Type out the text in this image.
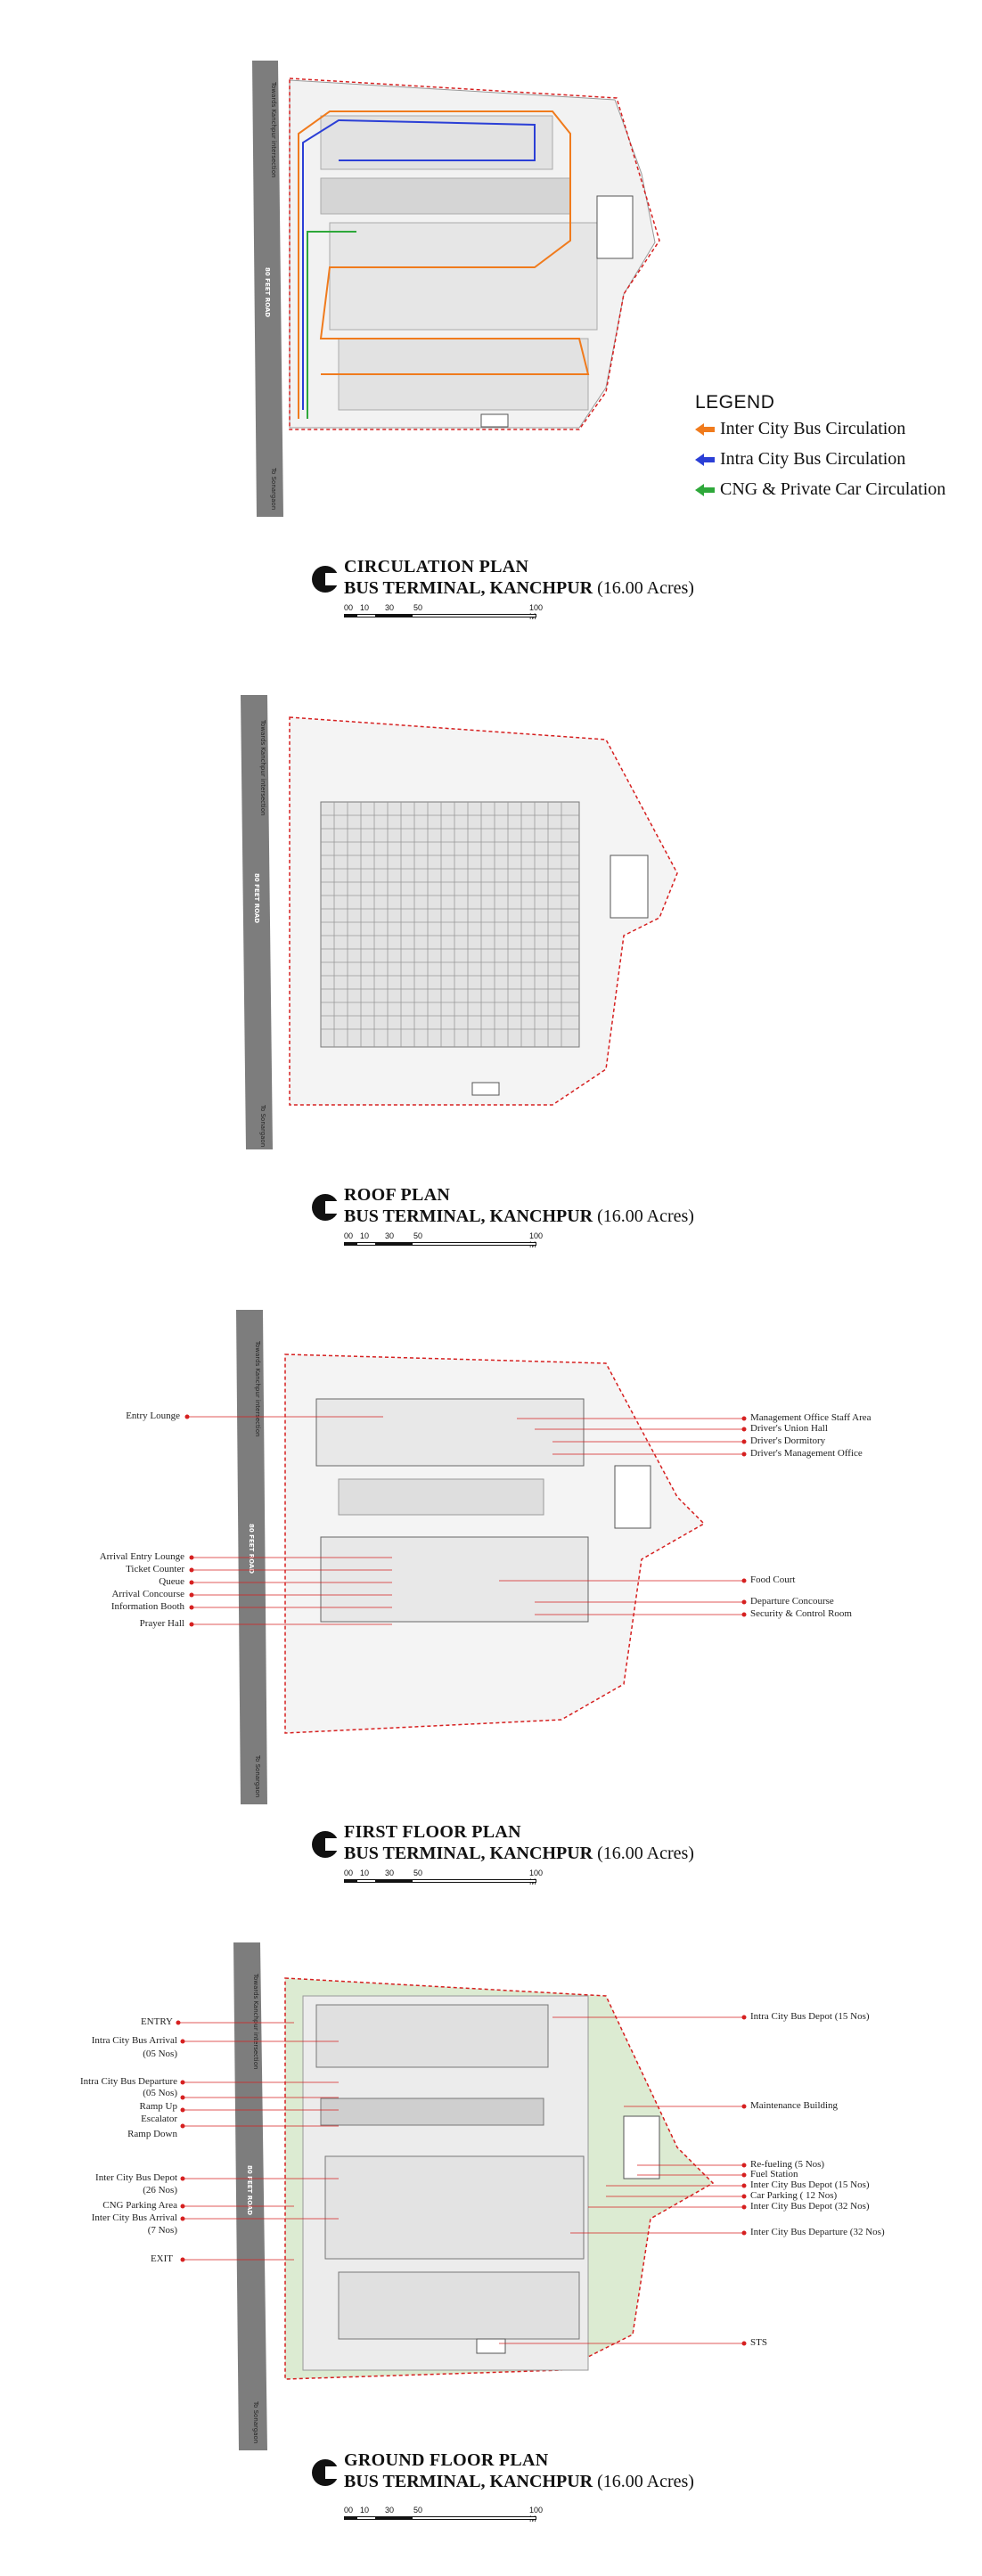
80 FEET ROAD
Towards Kanchpur intersection
To Sonargaon
LEGEND
Inter City Bus Circulation
Intra City Bus Circulation
CNG & Private Car Circulation
CIRCULATION PLAN
BUS TERMINAL, KANCHPUR (16.00 Acres)
00 10 30 50	100
80 FEET ROAD
Towards Kanchpur intersection
To Sonargaon
ROOF PLAN
BUS TERMINAL, KANCHPUR (16.00 Acres)
00 10 30 50	100
80 FEET ROAD
Towards Kanchpur intersection
To Sonargaon
Entry Lounge
Arrival Entry Lounge
Ticket Counter
Queue
Arrival Concourse
Information Booth
Prayer Hall
Management Office Staff Area
Driver's Union Hall
Driver's Dormitory
Driver's Management Office
Food Court
Departure Concourse
Security & Control Room
FIRST FLOOR PLAN
BUS TERMINAL, KANCHPUR (16.00 Acres)
00 10 30 50	100
80 FEET ROAD
Towards Kanchpur intersection
To Sonargaon
ENTRY
Intra City Bus Arrival
(05 Nos)
Intra City Bus Departure
(05 Nos)
Ramp Up
Escalator
Ramp Down
Inter City Bus Depot
(26 Nos)
CNG Parking Area
Inter City Bus Arrival
(7 Nos)
EXIT
Intra City Bus Depot (15 Nos)
Maintenance Building
Re-fueling (5 Nos)
Fuel Station
Inter City Bus Depot (15 Nos)
Car Parking ( 12 Nos)
Inter City Bus Depot (32 Nos)
Inter City Bus Departure (32 Nos)
STS
GROUND FLOOR PLAN
BUS TERMINAL, KANCHPUR (16.00 Acres)
00 10 30 50	100
